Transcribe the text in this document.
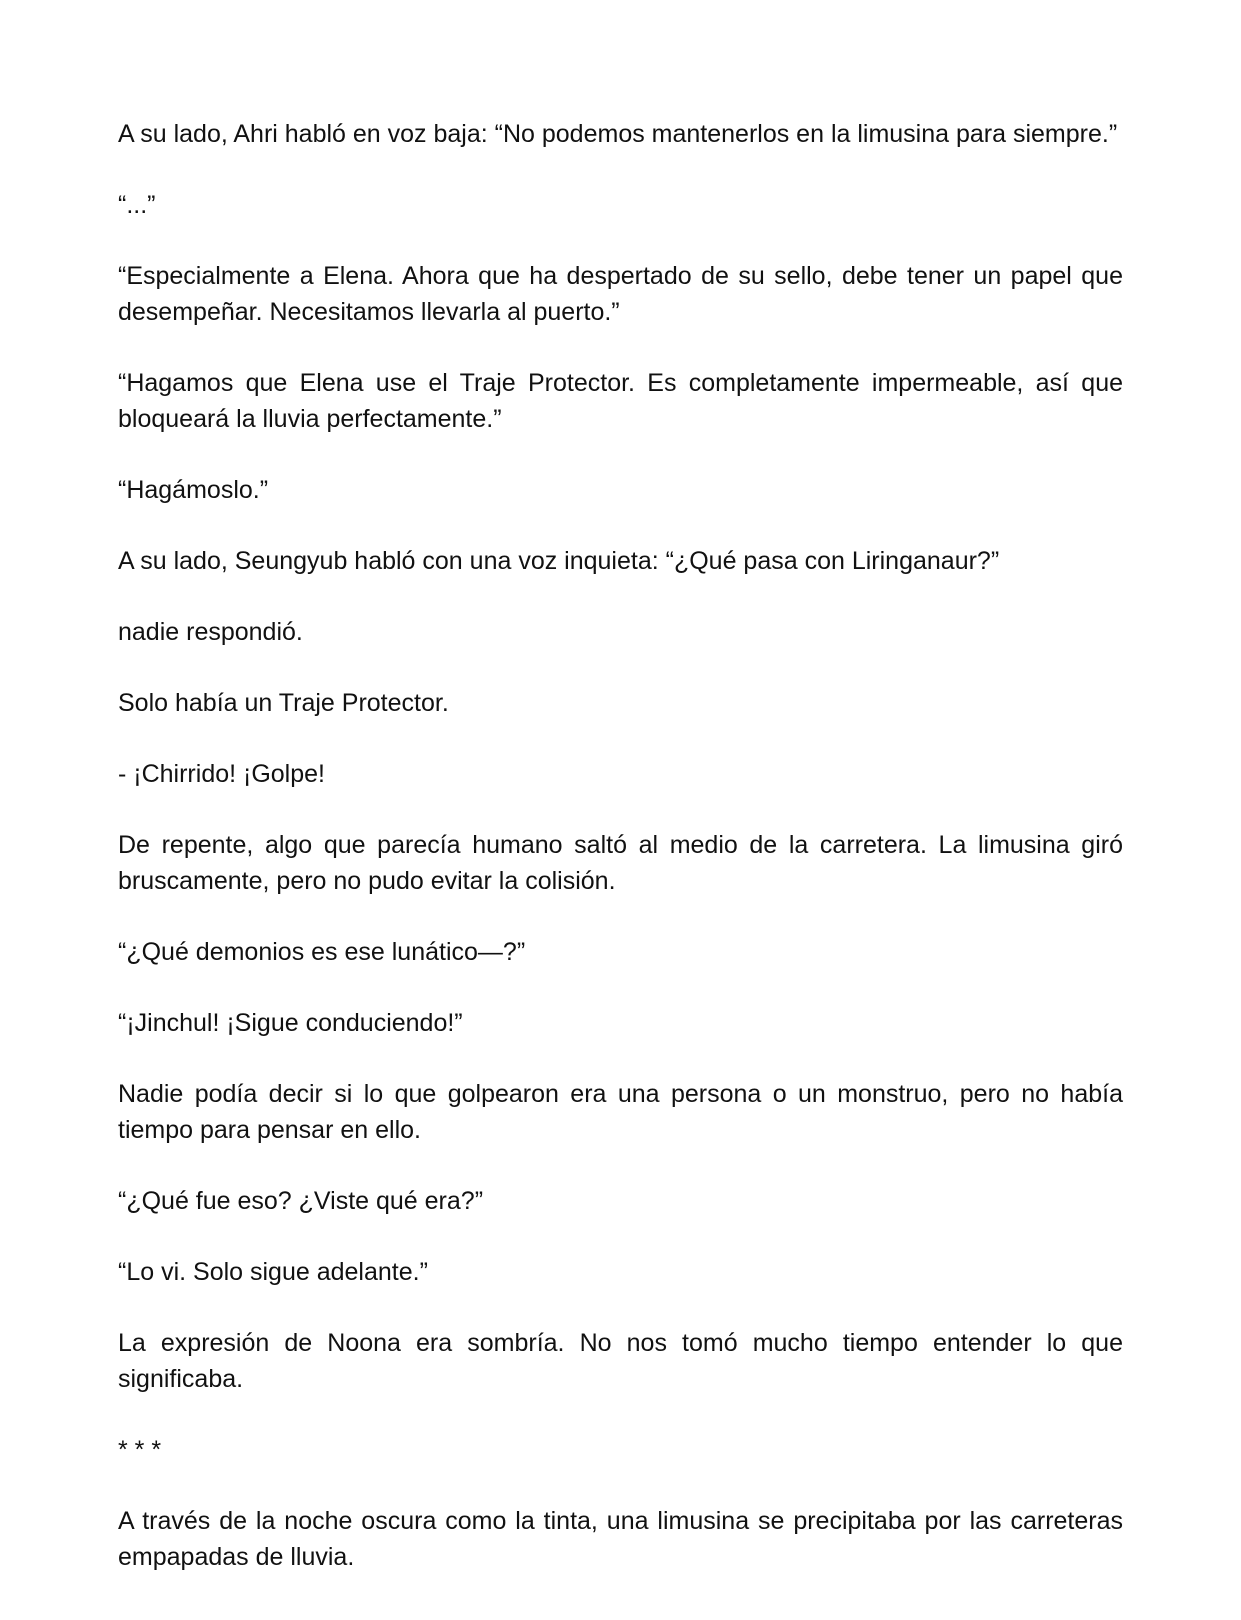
A su lado, Ahri habló en voz baja: “No podemos mantenerlos en la limusina para siempre.”

“...”

“Especialmente a Elena. Ahora que ha despertado de su sello, debe tener un papel que desempeñar. Necesitamos llevarla al puerto.”

“Hagamos que Elena use el Traje Protector. Es completamente impermeable, así que bloqueará la lluvia perfectamente.”

“Hagámoslo.”

A su lado, Seungyub habló con una voz inquieta: “¿Qué pasa con Liringanaur?”

nadie respondió.

Solo había un Traje Protector.

- ¡Chirrido! ¡Golpe!

De repente, algo que parecía humano saltó al medio de la carretera. La limusina giró bruscamente, pero no pudo evitar la colisión.

“¿Qué demonios es ese lunático—?”

“¡Jinchul! ¡Sigue conduciendo!”

Nadie podía decir si lo que golpearon era una persona o un monstruo, pero no había tiempo para pensar en ello.

“¿Qué fue eso? ¿Viste qué era?”

“Lo vi. Solo sigue adelante.”

La expresión de Noona era sombría. No nos tomó mucho tiempo entender lo que significaba.

* * *

A través de la noche oscura como la tinta, una limusina se precipitaba por las carreteras empapadas de lluvia.
